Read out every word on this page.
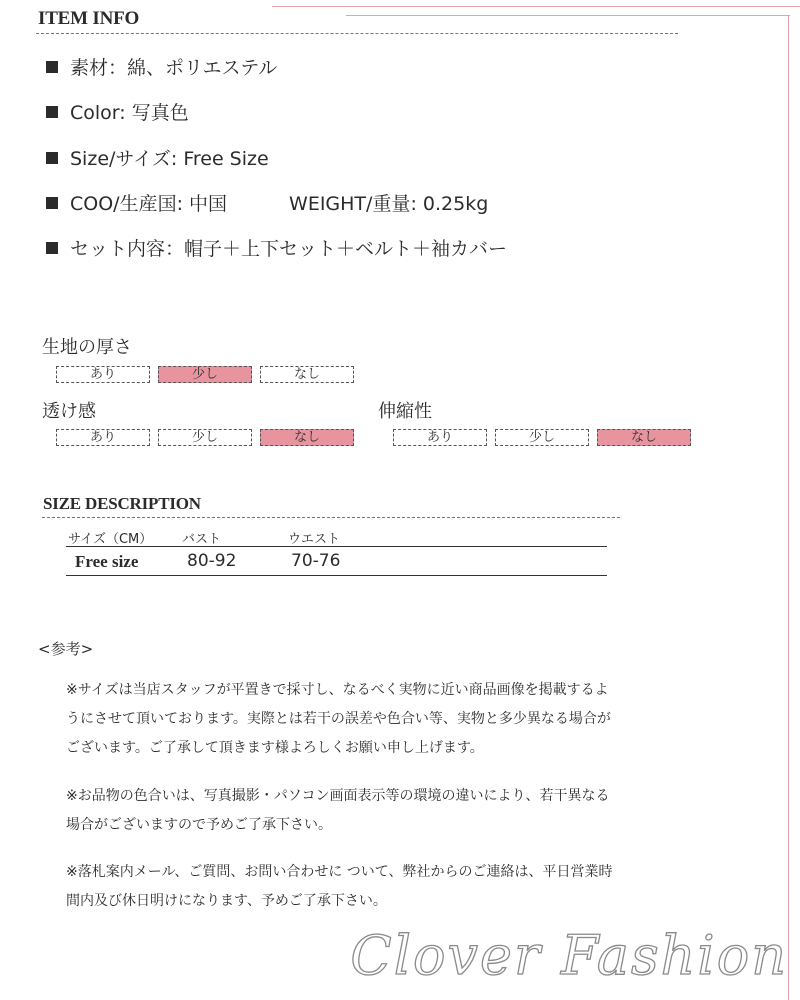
ITEM INFO
素材：綿、ポリエステル
Color: 写真色
Size/サイズ: Free Size
COO/生産国: 中国	WEIGHT/重量: 0.25kg
セット内容：帽子＋上下セット＋ベルト＋袖カバー
生地の厚さ
あり	少し	なし
透け感
あり	少し	なし
伸縮性
あり	少し	なし
SIZE DESCRIPTION
サイズ（CM） バスト	ウエスト
Free size	80-92	70-76
<参考>
※サイズは当店スタッフが平置きで採寸し、なるべく実物に近い商品画像を掲載するよ
うにさせて頂いております。実際とは若干の誤差や色合い等、実物と多少異なる場合が
ございます。ご了承して頂きます様よろしくお願い申し上げます。
※お品物の色合いは、写真撮影・パソコン画面表示等の環境の違いにより、若干異なる
場合がございますので予めご了承下さい。
※落札案内メール、ご質問、お問い合わせに ついて、弊社からのご連絡は、平日営業時
間内及び休日明けになります、予めご了承下さい。
Clover Fashion
